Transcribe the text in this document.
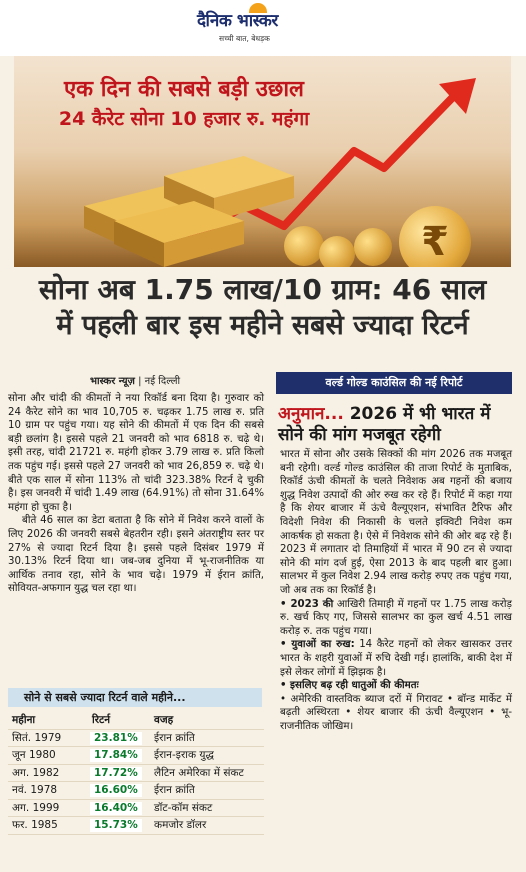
दैनिक भास्कर
सच्ची बात, बेधड़क
₹
एक दिन की सबसे बड़ी उछाल
24 कैरेट सोना 10 हजार रु. महंगा
सोना अब 1.75 लाख/10 ग्राम: 46 साल
में पहली बार इस महीने सबसे ज्यादा रिटर्न
भास्कर न्यूज़ | नई दिल्ली

सोना और चांदी की कीमतों ने नया रिकॉर्ड बना दिया है। गुरुवार को 24 कैरेट सोने का भाव 10,705 रु. चढ़कर 1.75 लाख रु. प्रति 10 ग्राम पर पहुंच गया। यह सोने की कीमतों में एक दिन की सबसे बड़ी छलांग है। इससे पहले 21 जनवरी को भाव 6818 रु. चढ़े थे। इसी तरह, चांदी 21721 रु. महंगी होकर 3.79 लाख रु. प्रति किलो तक पहुंच गई। इससे पहले 27 जनवरी को भाव 26,859 रु. चढ़े थे। बीते एक साल में सोना 113% तो चांदी 323.38% रिटर्न दे चुकी है। इस जनवरी में चांदी 1.49 लाख (64.91%) तो सोना 31.64% महंगा हो चुका है।

बीते 46 साल का डेटा बताता है कि सोने में निवेश करने वालों के लिए 2026 की जनवरी सबसे बेहतरीन रही। इसने अंतराष्ट्रीय स्तर पर 27% से ज्यादा रिटर्न दिया है। इससे पहले दिसंबर 1979 में 30.13% रिटर्न दिया था। जब-जब दुनिया में भू-राजनीतिक या आर्थिक तनाव रहा, सोने के भाव चढ़े। 1979 में ईरान क्रांति, सोवियत-अफगान युद्ध चल रहा था।

सोने से सबसे ज्यादा रिटर्न वाले महीने...
महीना	रिटर्न	वजह
सितं. 1979	23.81%	ईरान क्रांति
जून 1980	17.84%	ईरान-इराक युद्ध
अग. 1982	17.72%	लैटिन अमेरिका में संकट
नवं. 1978	16.60%	ईरान क्रांति
अग. 1999	16.40%	डॉट-कॉम संकट
फर. 1985	15.73%	कमजोर डॉलर
वर्ल्ड गोल्ड काउंसिल की नई रिपोर्ट
अनुमान... 2026 में भी भारत में सोने की मांग मजबूत रहेगी

भारत में सोना और उसके सिक्कों की मांग 2026 तक मजबूत बनी रहेगी। वर्ल्ड गोल्ड काउंसिल की ताजा रिपोर्ट के मुताबिक, रिकॉर्ड ऊंची कीमतों के चलते निवेशक अब गहनों की बजाय शुद्ध निवेश उत्पादों की ओर रुख कर रहे हैं। रिपोर्ट में कहा गया है कि शेयर बाजार में ऊंचे वैल्यूएशन, संभावित टैरिफ और विदेशी निवेश की निकासी के चलते इक्विटी निवेश कम आकर्षक हो सकता है। ऐसे में निवेशक सोने की ओर बढ़ रहे हैं। 2023 में लगातार दो तिमाहियों में भारत में 90 टन से ज्यादा सोने की मांग दर्ज हुई, ऐसा 2013 के बाद पहली बार हुआ। सालभर में कुल निवेश 2.94 लाख करोड़ रुपए तक पहुंच गया, जो अब तक का रिकॉर्ड है।

• 2023 की आखिरी तिमाही में गहनों पर 1.75 लाख करोड़ रु. खर्च किए गए, जिससे सालभर का कुल खर्च 4.51 लाख करोड़ रु. तक पहुंच गया।

• युवाओं का रुख: 14 कैरेट गहनों को लेकर खासकर उत्तर भारत के शहरी युवाओं में रुचि देखी गई। हालांकि, बाकी देश में इसे लेकर लोगों में झिझक है।

• इसलिए बढ़ रही धातुओं की कीमतः
• अमेरिकी वास्तविक ब्याज दरों में गिरावट • बॉन्ड मार्केट में बढ़ती अस्थिरता • शेयर बाजार की ऊंची वैल्यूएशन • भू-राजनीतिक जोखिम।
